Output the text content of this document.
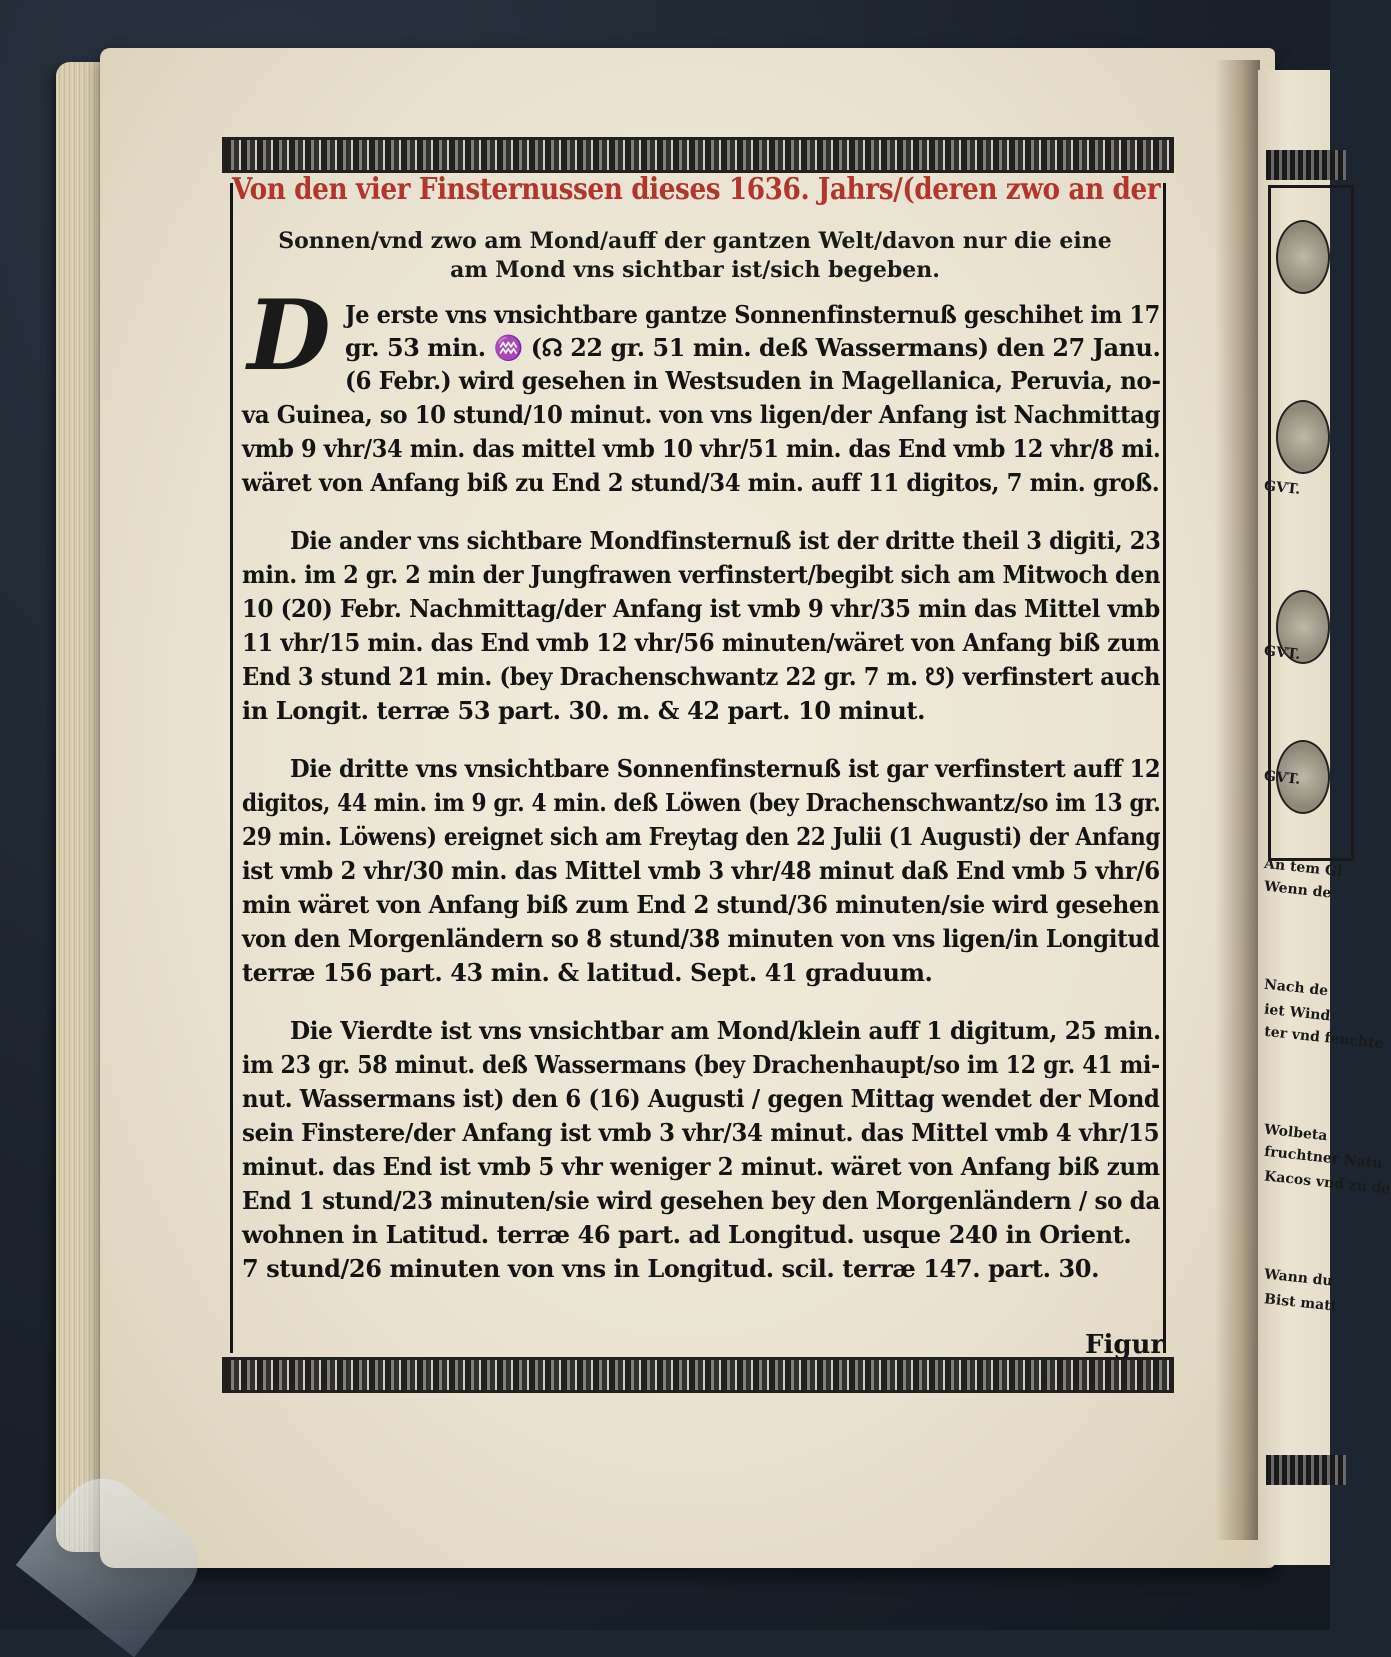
GVT.
GVT.
GVT.
An tem Gl
Wenn de
Nach de
iet Wind
ter vnd feuchte
Wolbeta
fruchtner Natu
Kacos vnd zu de
Wann du
Bist matt
Von den vier Finsternussen dieses 1636. Jahrs/(deren zwo an der
Sonnen/vnd zwo am Mond/auff der gantzen Welt/davon nur die eine
am Mond vns sichtbar ist/sich begeben.
D Je erste vns vnsichtbare gantze Sonnenfinsternuß geschihet im 17
gr. 53 min. ♒ (☊ 22 gr. 51 min. deß Wassermans) den 27 Janu.
(6 Febr.) wird gesehen in Westsuden in Magellanica, Peruvia, no-
va Guinea, so 10 stund/10 minut. von vns ligen/der Anfang ist Nachmittag
vmb 9 vhr/34 min. das mittel vmb 10 vhr/51 min. das End vmb 12 vhr/8 mi.
wäret von Anfang biß zu End 2 stund/34 min. auff 11 digitos, 7 min. groß.
Die ander vns sichtbare Mondfinsternuß ist der dritte theil 3 digiti, 23
min. im 2 gr. 2 min der Jungfrawen verfinstert/begibt sich am Mitwoch den
10 (20) Febr. Nachmittag/der Anfang ist vmb 9 vhr/35 min das Mittel vmb
11 vhr/15 min. das End vmb 12 vhr/56 minuten/wäret von Anfang biß zum
End 3 stund 21 min. (bey Drachenschwantz 22 gr. 7 m. ☋) verfinstert auch
in Longit. terræ 53 part. 30. m. & 42 part. 10 minut.
Die dritte vns vnsichtbare Sonnenfinsternuß ist gar verfinstert auff 12
digitos, 44 min. im 9 gr. 4 min. deß Löwen (bey Drachenschwantz/so im 13 gr.
29 min. Löwens) ereignet sich am Freytag den 22 Julii (1 Augusti) der Anfang
ist vmb 2 vhr/30 min. das Mittel vmb 3 vhr/48 minut daß End vmb 5 vhr/6
min wäret von Anfang biß zum End 2 stund/36 minuten/sie wird gesehen
von den Morgenländern so 8 stund/38 minuten von vns ligen/in Longitud
terræ 156 part. 43 min. & latitud. Sept. 41 graduum.
Die Vierdte ist vns vnsichtbar am Mond/klein auff 1 digitum, 25 min.
im 23 gr. 58 minut. deß Wassermans (bey Drachenhaupt/so im 12 gr. 41 mi-
nut. Wassermans ist) den 6 (16) Augusti / gegen Mittag wendet der Mond
sein Finstere/der Anfang ist vmb 3 vhr/34 minut. das Mittel vmb 4 vhr/15
minut. das End ist vmb 5 vhr weniger 2 minut. wäret von Anfang biß zum
End 1 stund/23 minuten/sie wird gesehen bey den Morgenländern / so da
wohnen in Latitud. terræ 46 part. ad Longitud. usque 240 in Orient.
7 stund/26 minuten von vns in Longitud. scil. terræ 147. part. 30.
Figur
